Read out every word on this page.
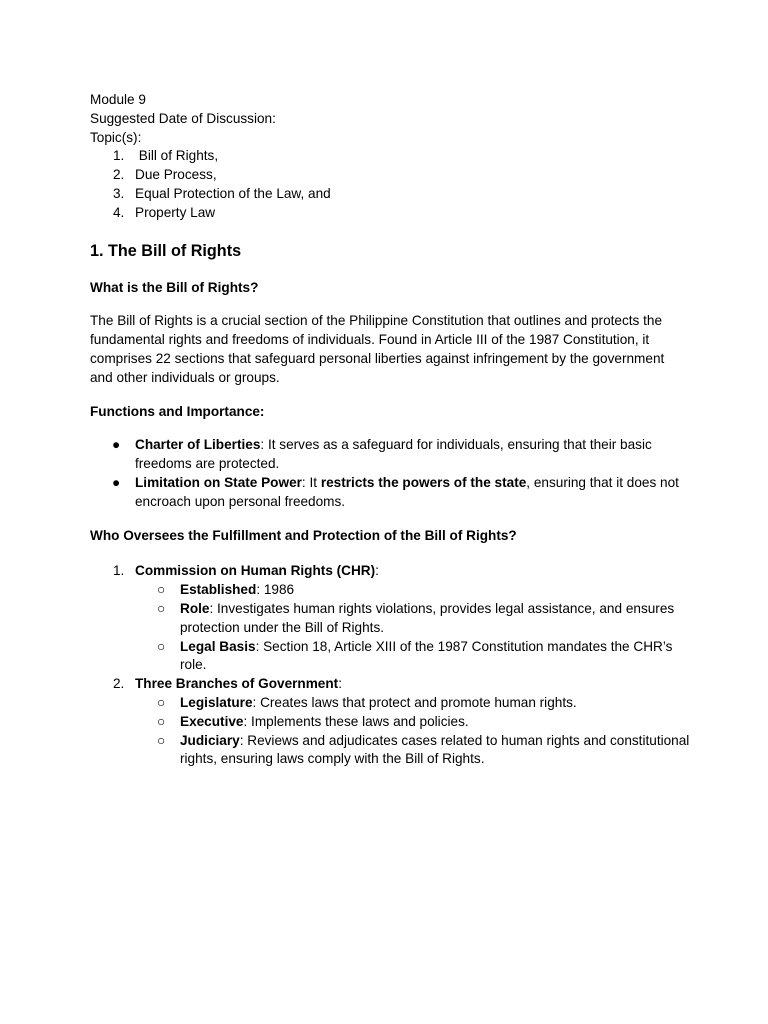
Module 9

Suggested Date of Discussion:

Topic(s):

1. Bill of Rights,
2. Due Process,
3. Equal Protection of the Law, and
4. Property Law
1. The Bill of Rights

What is the Bill of Rights?

The Bill of Rights is a crucial section of the Philippine Constitution that outlines and protects the fundamental rights and freedoms of individuals. Found in Article III of the 1987 Constitution, it comprises 22 sections that safeguard personal liberties against infringement by the government and other individuals or groups.

Functions and Importance:

● Charter of Liberties: It serves as a safeguard for individuals, ensuring that their basic freedoms are protected.
● Limitation on State Power: It restricts the powers of the state, ensuring that it does not encroach upon personal freedoms.

Who Oversees the Fulfillment and Protection of the Bill of Rights?

1. Commission on Human Rights (CHR):
○ Established: 1986
○ Role: Investigates human rights violations, provides legal assistance, and ensures protection under the Bill of Rights.
○ Legal Basis: Section 18, Article XIII of the 1987 Constitution mandates the CHR’s role.
2. Three Branches of Government:
○ Legislature: Creates laws that protect and promote human rights.
○ Executive: Implements these laws and policies.
○ Judiciary: Reviews and adjudicates cases related to human rights and constitutional rights, ensuring laws comply with the Bill of Rights.
